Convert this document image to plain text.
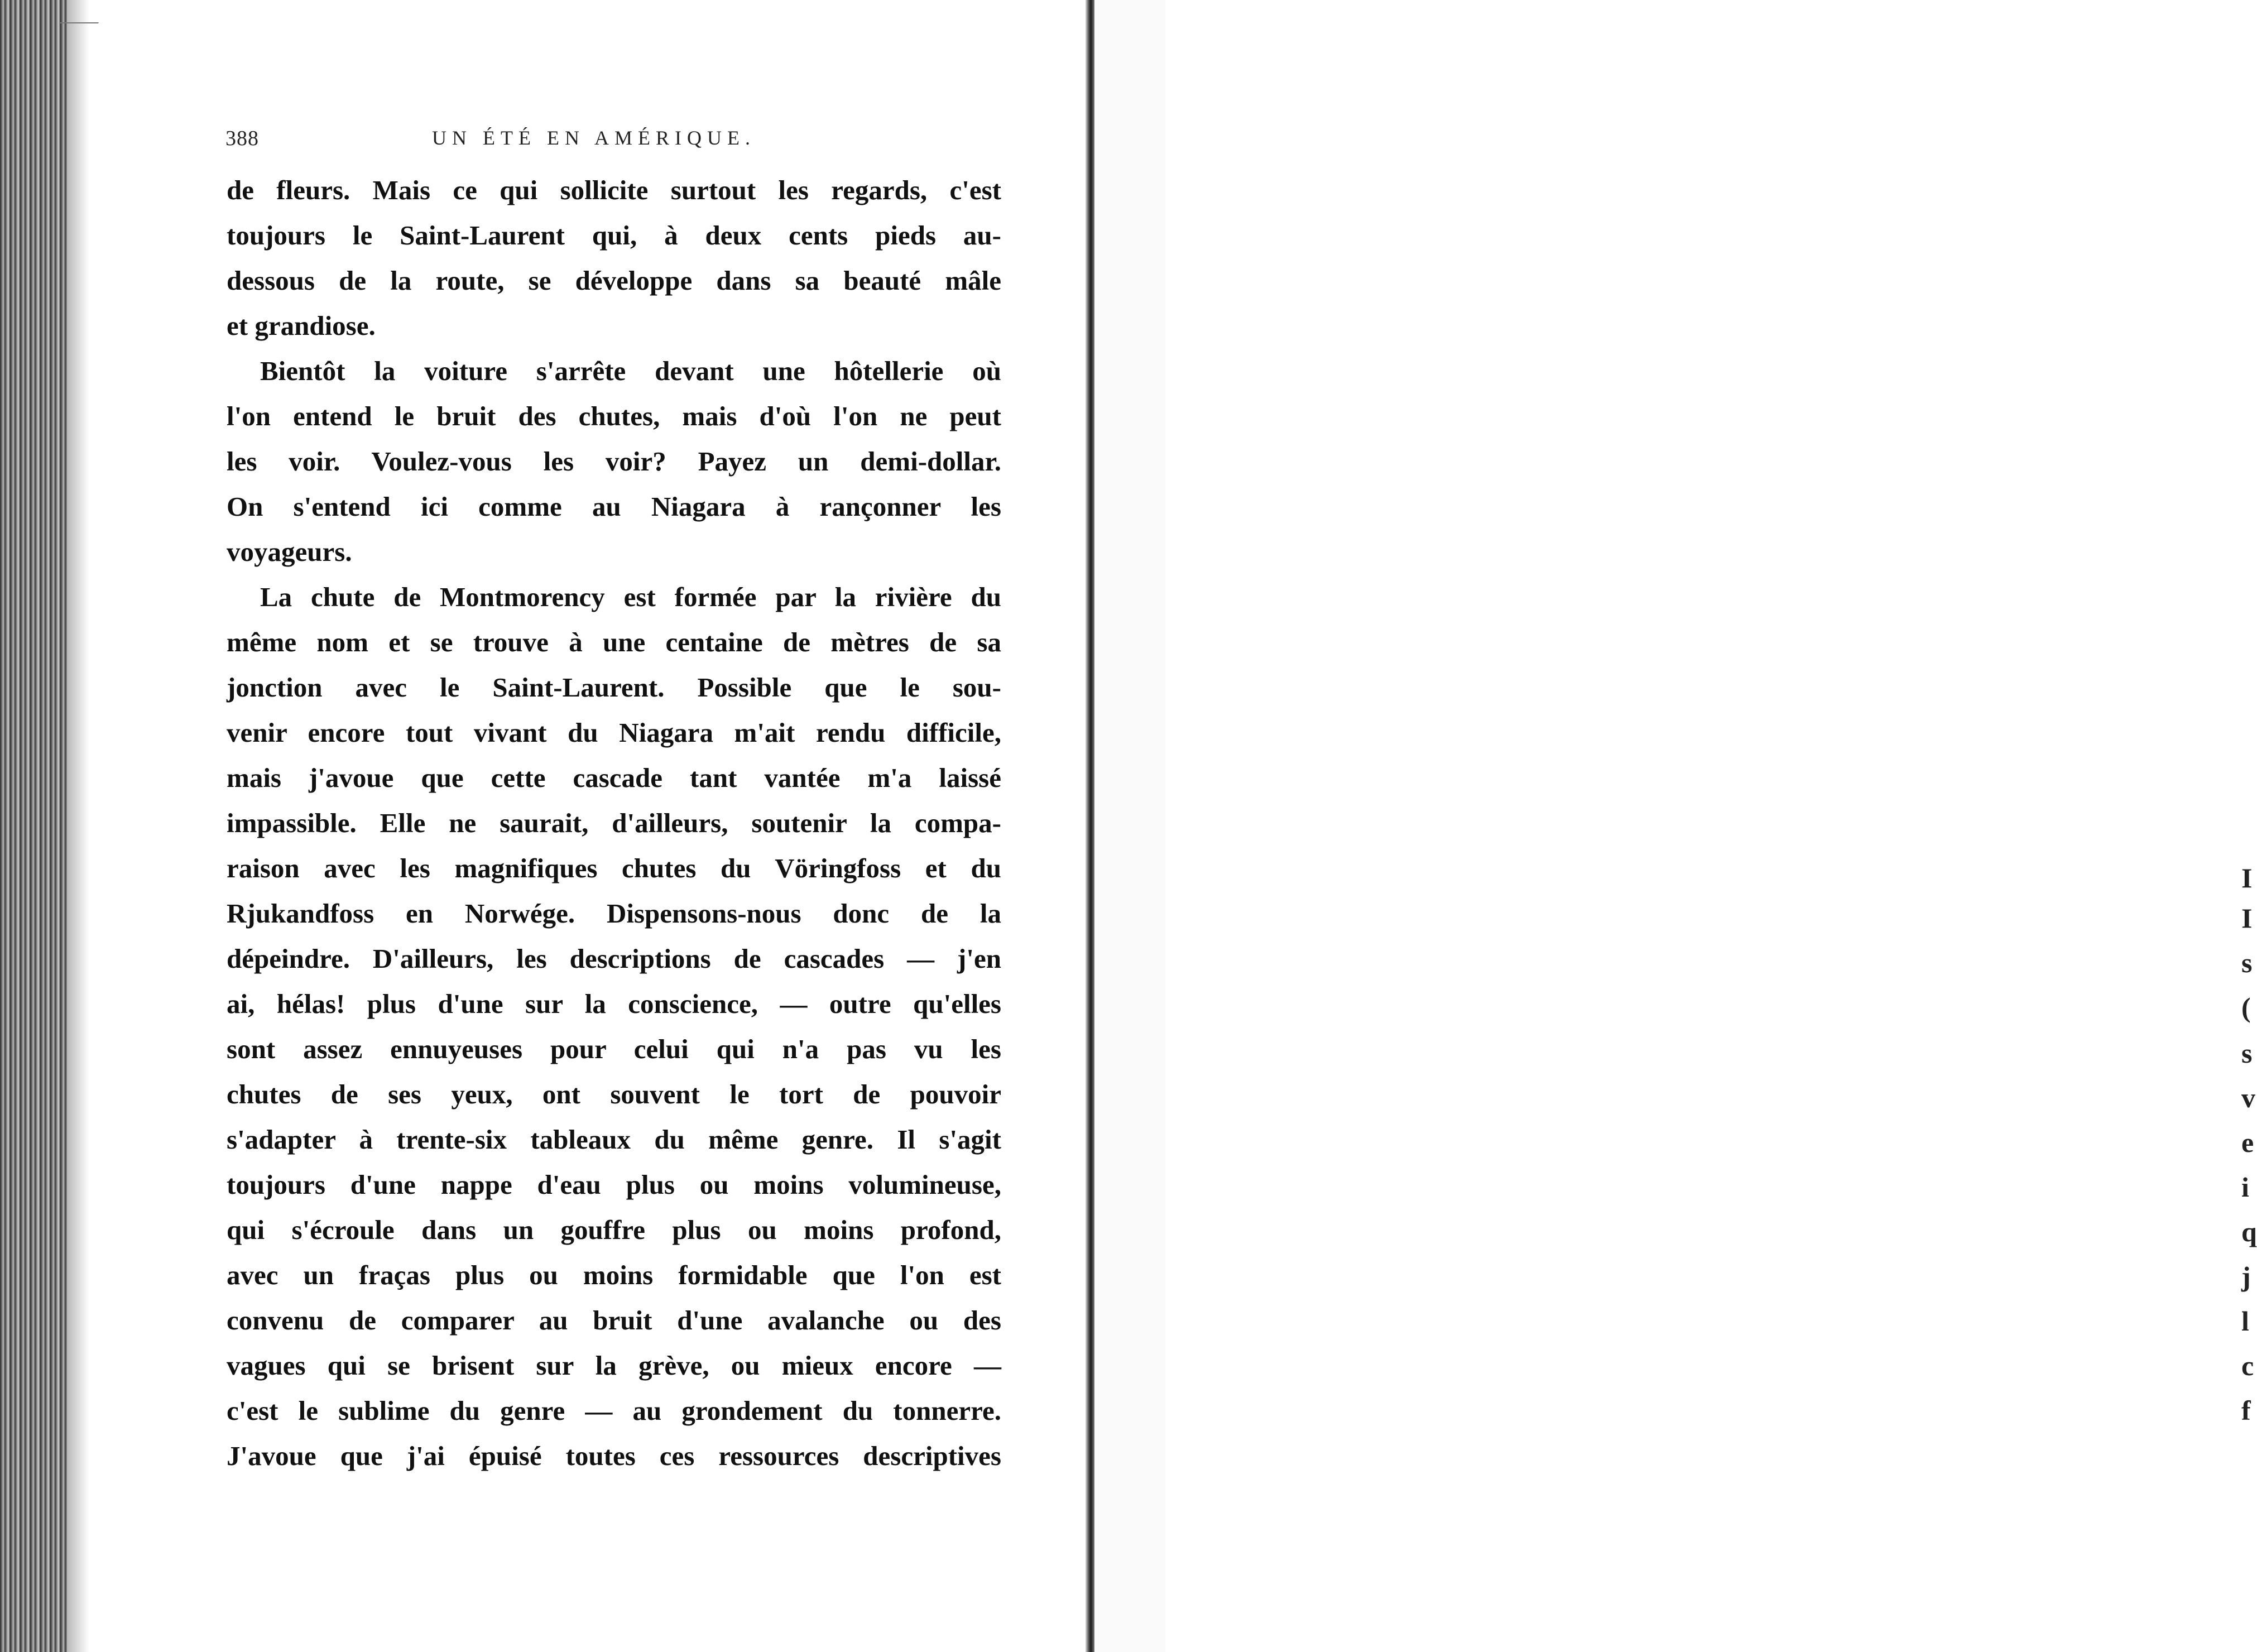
388	UN ÉTÉ EN AMÉRIQUE.
de fleurs. Mais ce qui sollicite surtout les regards, c'est
toujours le Saint-Laurent qui, à deux cents pieds au-
dessous de la route, se développe dans sa beauté mâle
et grandiose.
Bientôt la voiture s'arrête devant une hôtellerie où
l'on entend le bruit des chutes, mais d'où l'on ne peut
les voir. Voulez-vous les voir? Payez un demi-dollar.
On s'entend ici comme au Niagara à rançonner les
voyageurs.
La chute de Montmorency est formée par la rivière du
même nom et se trouve à une centaine de mètres de sa
jonction avec le Saint-Laurent. Possible que le sou-
venir encore tout vivant du Niagara m'ait rendu difficile,
mais j'avoue que cette cascade tant vantée m'a laissé
impassible. Elle ne saurait, d'ailleurs, soutenir la compa-
raison avec les magnifiques chutes du Vöringfoss et du
Rjukandfoss en Norwége. Dispensons-nous donc de la
dépeindre. D'ailleurs, les descriptions de cascades — j'en
ai, hélas! plus d'une sur la conscience, — outre qu'elles
sont assez ennuyeuses pour celui qui n'a pas vu les
chutes de ses yeux, ont souvent le tort de pouvoir
s'adapter à trente-six tableaux du même genre. Il s'agit
toujours d'une nappe d'eau plus ou moins volumineuse,
qui s'écroule dans un gouffre plus ou moins profond,
avec un fraças plus ou moins formidable que l'on est
convenu de comparer au bruit d'une avalanche ou des
vagues qui se brisent sur la grève, ou mieux encore —
c'est le sublime du genre — au grondement du tonnerre.
J'avoue que j'ai épuisé toutes ces ressources descriptives
I
I
s
(
s
v
e
i
q
j
l
c
f
